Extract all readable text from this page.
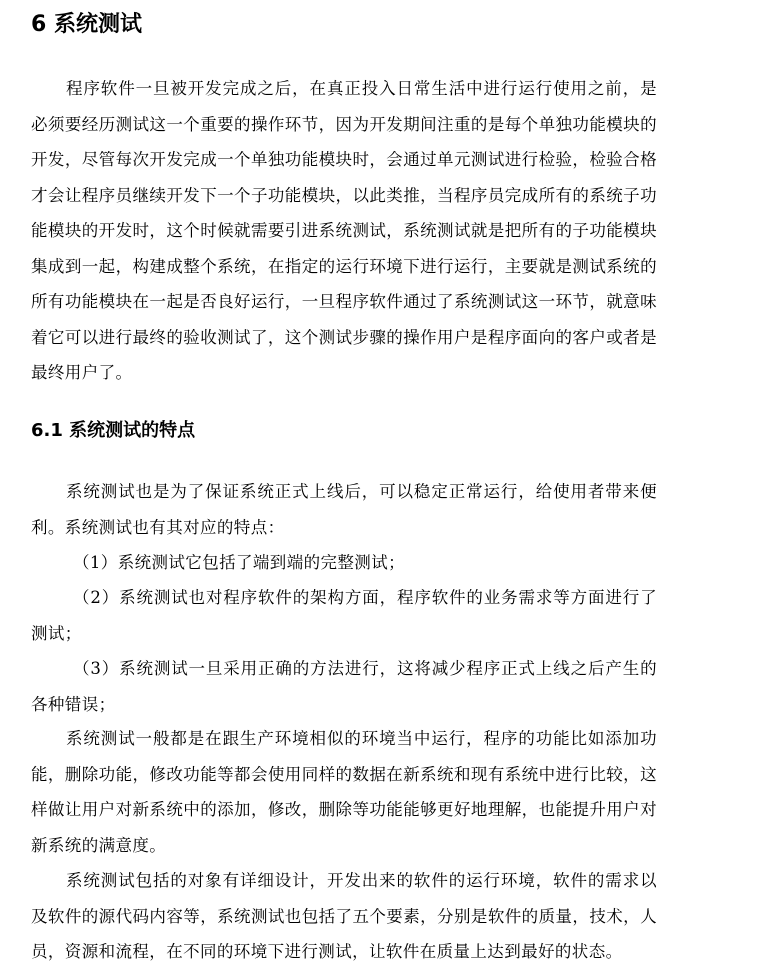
6 系统测试

程序软件一旦被开发完成之后，在真正投入日常生活中进行运行使用之前，是必须要经历测试这一个重要的操作环节，因为开发期间注重的是每个单独功能模块的开发，尽管每次开发完成一个单独功能模块时，会通过单元测试进行检验，检验合格才会让程序员继续开发下一个子功能模块，以此类推，当程序员完成所有的系统子功能模块的开发时，这个时候就需要引进系统测试，系统测试就是把所有的子功能模块集成到一起，构建成整个系统，在指定的运行环境下进行运行，主要就是测试系统的所有功能模块在一起是否良好运行，一旦程序软件通过了系统测试这一环节，就意味着它可以进行最终的验收测试了，这个测试步骤的操作用户是程序面向的客户或者是最终用户了。

6.1 系统测试的特点

系统测试也是为了保证系统正式上线后，可以稳定正常运行，给使用者带来便利。系统测试也有其对应的特点：

（1）系统测试它包括了端到端的完整测试；

（2）系统测试也对程序软件的架构方面，程序软件的业务需求等方面进行了测试；

（3）系统测试一旦采用正确的方法进行，这将减少程序正式上线之后产生的各种错误；

系统测试一般都是在跟生产环境相似的环境当中运行，程序的功能比如添加功能，删除功能，修改功能等都会使用同样的数据在新系统和现有系统中进行比较，这样做让用户对新系统中的添加，修改，删除等功能能够更好地理解，也能提升用户对新系统的满意度。

系统测试包括的对象有详细设计，开发出来的软件的运行环境，软件的需求以及软件的源代码内容等，系统测试也包括了五个要素，分别是软件的质量，技术，人员，资源和流程，在不同的环境下进行测试，让软件在质量上达到最好的状态。
